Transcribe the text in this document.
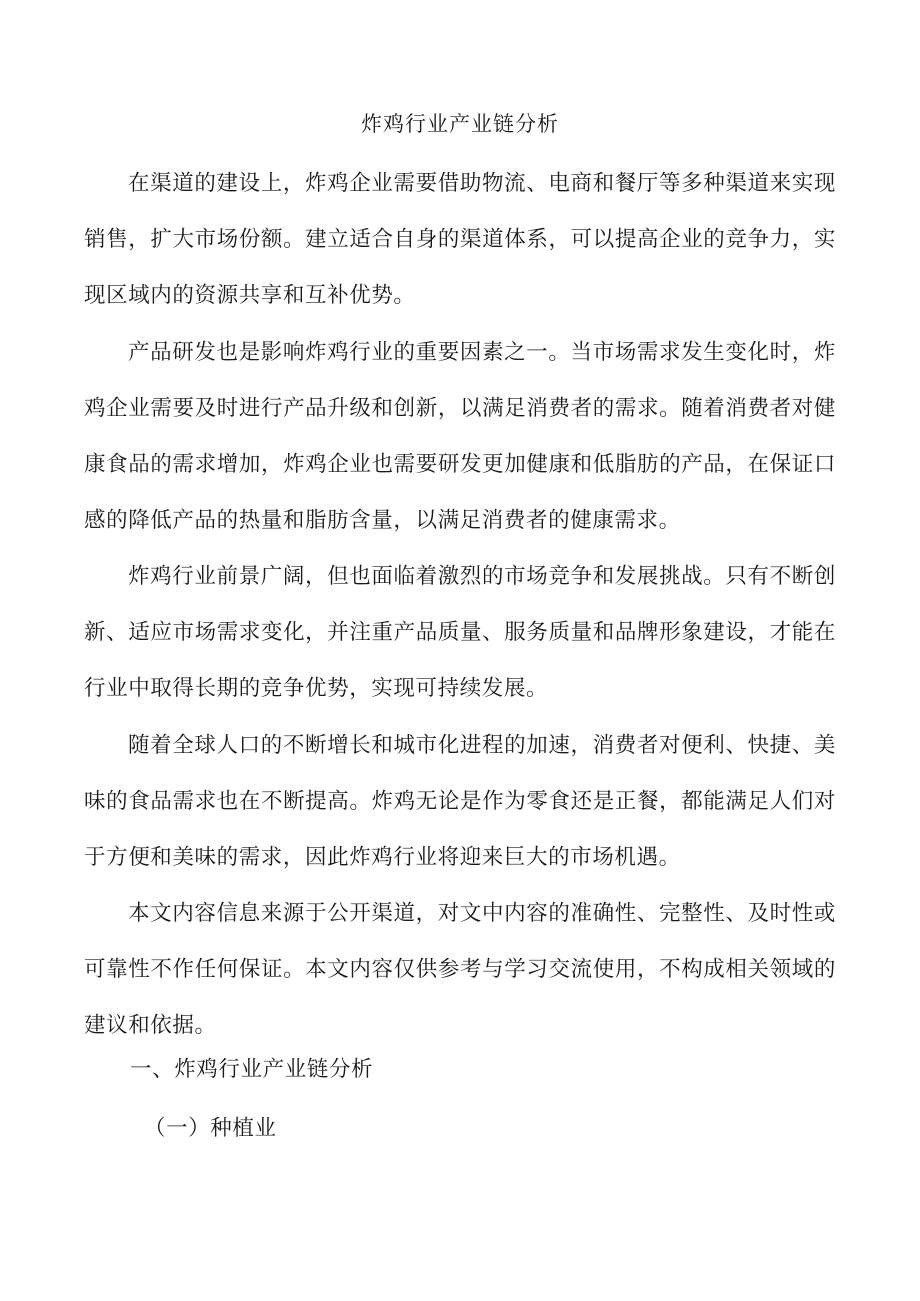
炸鸡行业产业链分析

在渠道的建设上，炸鸡企业需要借助物流、电商和餐厅等多种渠道来实现销售，扩大市场份额。建立适合自身的渠道体系，可以提高企业的竞争力，实现区域内的资源共享和互补优势。

产品研发也是影响炸鸡行业的重要因素之一。当市场需求发生变化时，炸鸡企业需要及时进行产品升级和创新，以满足消费者的需求。随着消费者对健康食品的需求增加，炸鸡企业也需要研发更加健康和低脂肪的产品，在保证口感的降低产品的热量和脂肪含量，以满足消费者的健康需求。

炸鸡行业前景广阔，但也面临着激烈的市场竞争和发展挑战。只有不断创新、适应市场需求变化，并注重产品质量、服务质量和品牌形象建设，才能在行业中取得长期的竞争优势，实现可持续发展。

随着全球人口的不断增长和城市化进程的加速，消费者对便利、快捷、美味的食品需求也在不断提高。炸鸡无论是作为零食还是正餐，都能满足人们对于方便和美味的需求，因此炸鸡行业将迎来巨大的市场机遇。

本文内容信息来源于公开渠道，对文中内容的准确性、完整性、及时性或可靠性不作任何保证。本文内容仅供参考与学习交流使用，不构成相关领域的建议和依据。

一、炸鸡行业产业链分析
（一）种植业
